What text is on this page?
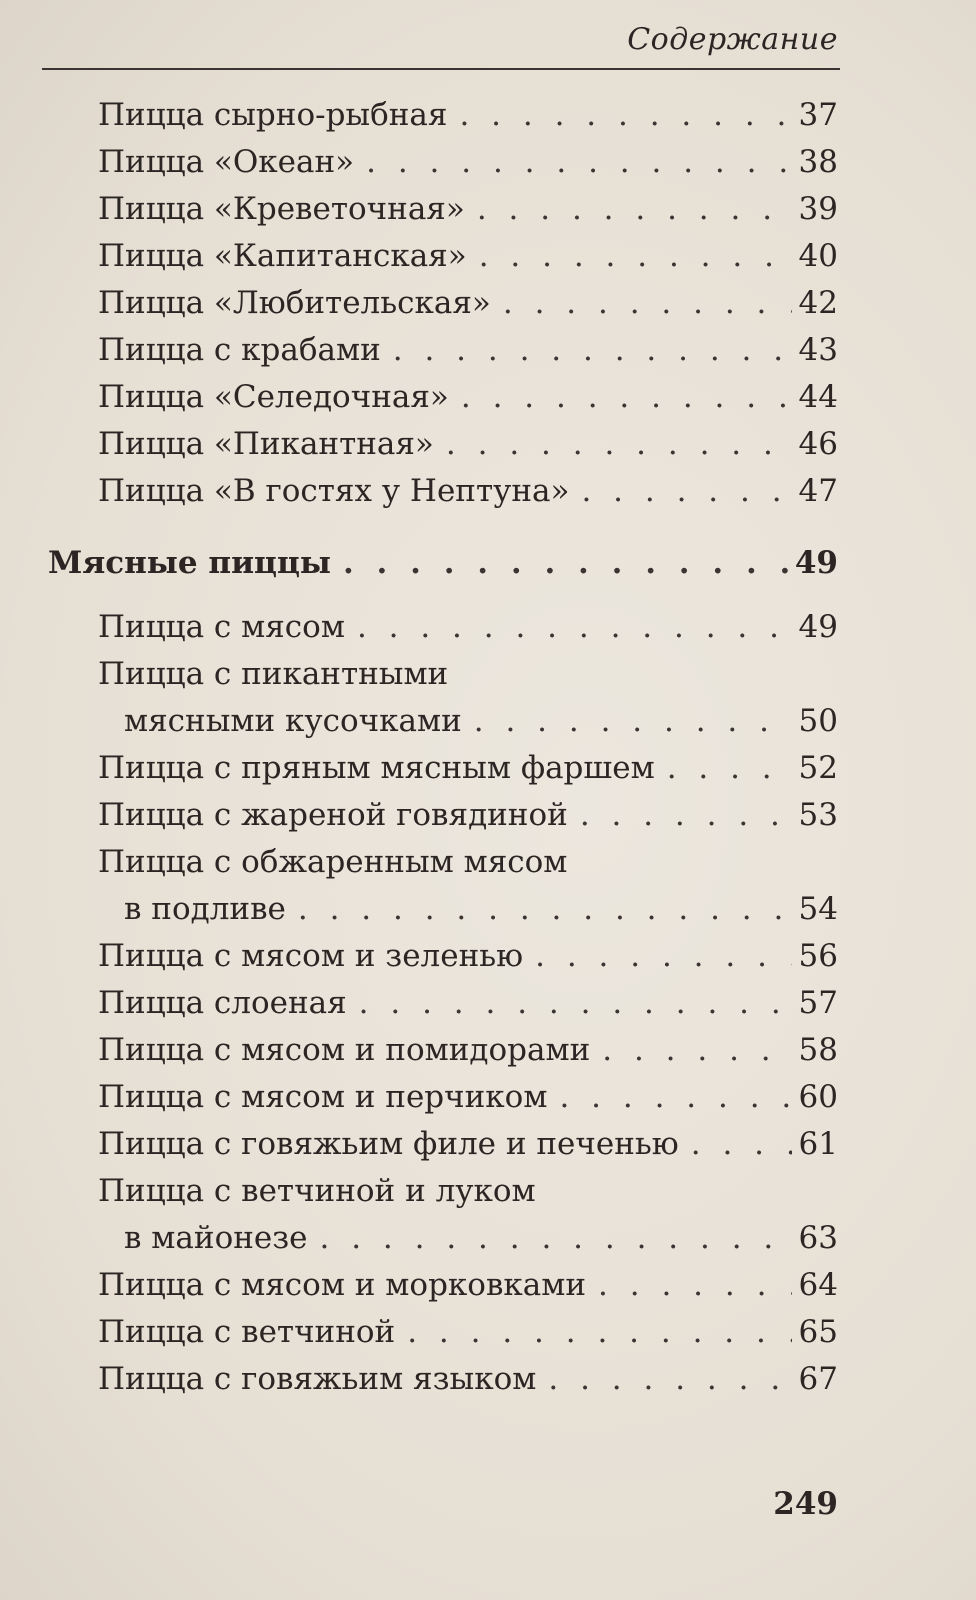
Содержание
Пицца сырно-рыбная . . .	37
Пицца «Океан» . . .	38
Пицца «Креветочная» . . .	39
Пицца «Капитанская» . . .	40
Пицца «Любительская» . . .	42
Пицца с крабами . . .	43
Пицца «Селедочная» . . .	44
Пицца «Пикантная» . . .	46
Пицца «В гостях у Нептуна» . . .	47
Мясные пиццы . . .	49
Пицца с мясом . . .	49
Пицца с пикантными
мясными кусочками . . .	50
Пицца с пряным мясным фаршем . . .	52
Пицца с жареной говядиной . . .	53
Пицца с обжаренным мясом
в подливе . . .	54
Пицца с мясом и зеленью . . .	56
Пицца слоеная . . .	57
Пицца с мясом и помидорами . . .	58
Пицца с мясом и перчиком . . .	60
Пицца с говяжьим филе и печенью . . .	61
Пицца с ветчиной и луком
в майонезе . . .	63
Пицца с мясом и морковками . . .	64
Пицца с ветчиной . . .	65
Пицца с говяжьим языком . . .	67
249
